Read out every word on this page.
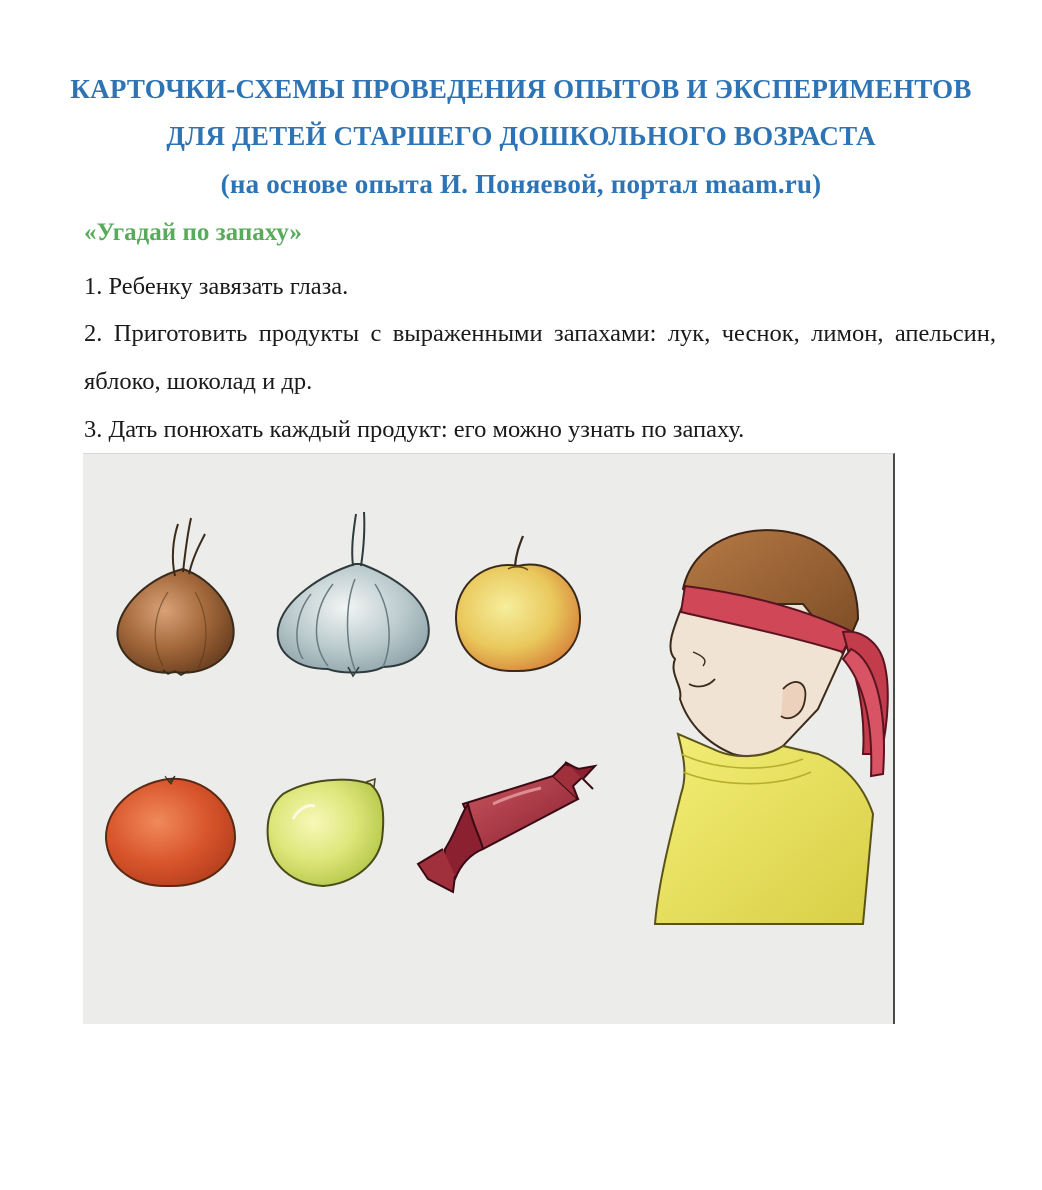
КАРТОЧКИ-СХЕМЫ ПРОВЕДЕНИЯ ОПЫТОВ И ЭКСПЕРИМЕНТОВ
ДЛЯ ДЕТЕЙ СТАРШЕГО ДОШКОЛЬНОГО ВОЗРАСТА
(на основе опыта И. Поняевой, портал maam.ru)
«Угадай по запаху»
1. Ребенку завязать глаза.
2. Приготовить продукты с выраженными запахами: лук, чеснок, лимон, апельсин, яблоко, шоколад и др.
3. Дать понюхать каждый продукт: его можно узнать по запаху.
